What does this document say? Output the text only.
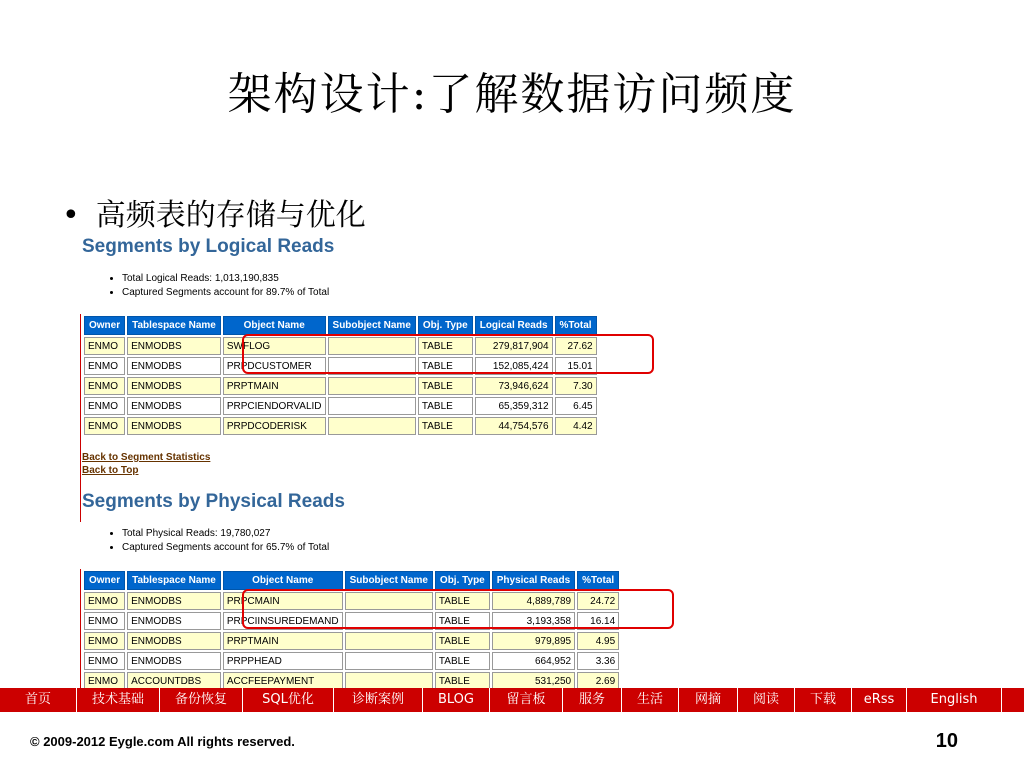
架构设计:了解数据访问频度
• 高频表的存储与优化
Segments by Logical Reads
• Total Logical Reads: 1,013,190,835
• Captured Segments account for 89.7% of Total
Owner	Tablespace Name	Object Name	Subobject Name	Obj. Type	Logical Reads	%Total
ENMO	ENMODBS	SWFLOG		TABLE	279,817,904	27.62
ENMO	ENMODBS	PRPDCUSTOMER		TABLE	152,085,424	15.01
ENMO	ENMODBS	PRPTMAIN		TABLE	73,946,624	7.30
ENMO	ENMODBS	PRPCIENDORVALID		TABLE	65,359,312	6.45
ENMO	ENMODBS	PRPDCODERISK		TABLE	44,754,576	4.42
Back to Segment Statistics
Back to Top
Segments by Physical Reads
• Total Physical Reads: 19,780,027
• Captured Segments account for 65.7% of Total
Owner	Tablespace Name	Object Name	Subobject Name	Obj. Type	Physical Reads	%Total
ENMO	ENMODBS	PRPCMAIN		TABLE	4,889,789	24.72
ENMO	ENMODBS	PRPCIINSUREDEMAND		TABLE	3,193,358	16.14
ENMO	ENMODBS	PRPTMAIN		TABLE	979,895	4.95
ENMO	ENMODBS	PRPPHEAD		TABLE	664,952	3.36
ENMO	ACCOUNTDBS	ACCFEEPAYMENT		TABLE	531,250	2.69
首页	技术基础	备份恢复	SQL优化	诊断案例	BLOG	留言板	服务	生活	网摘	阅读	下载	eRss	English
© 2009-2012 Eygle.com All rights reserved.	10
